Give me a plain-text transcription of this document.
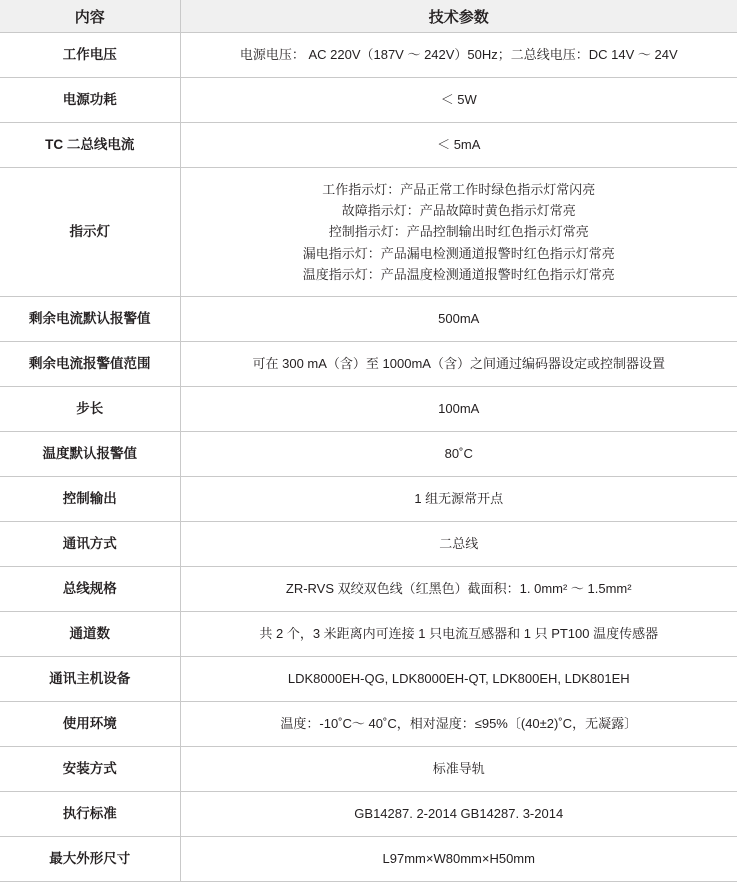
内容	技术参数
工作电压	电源电压： AC 220V（187V ～ 242V）50Hz；二总线电压：DC 14V ～ 24V
电源功耗	＜ 5W
TC 二总线电流	＜ 5mA
指示灯	工作指示灯：产品正常工作时绿色指示灯常闪亮
故障指示灯：产品故障时黄色指示灯常亮
控制指示灯：产品控制输出时红色指示灯常亮
漏电指示灯：产品漏电检测通道报警时红色指示灯常亮
温度指示灯：产品温度检测通道报警时红色指示灯常亮

剩余电流默认报警值	500mA
剩余电流报警值范围	可在 300 mA（含）至 1000mA（含）之间通过编码器设定或控制器设置
步长	100mA
温度默认报警值	80˚C
控制输出	1 组无源常开点
通讯方式	二总线
总线规格	ZR-RVS 双绞双色线（红黑色）截面积：1. 0mm² ～ 1.5mm²
通道数	共 2 个，3 米距离内可连接 1 只电流互感器和 1 只 PT100 温度传感器
通讯主机设备	LDK8000EH-QG, LDK8000EH-QT, LDK800EH, LDK801EH
使用环境	温度：-10˚C～ 40˚C，相对湿度：≤95%〔(40±2)˚C，无凝露〕
安装方式	标准导轨
执行标准	GB14287. 2-2014 GB14287. 3-2014
最大外形尺寸	L97mm×W80mm×H50mm
